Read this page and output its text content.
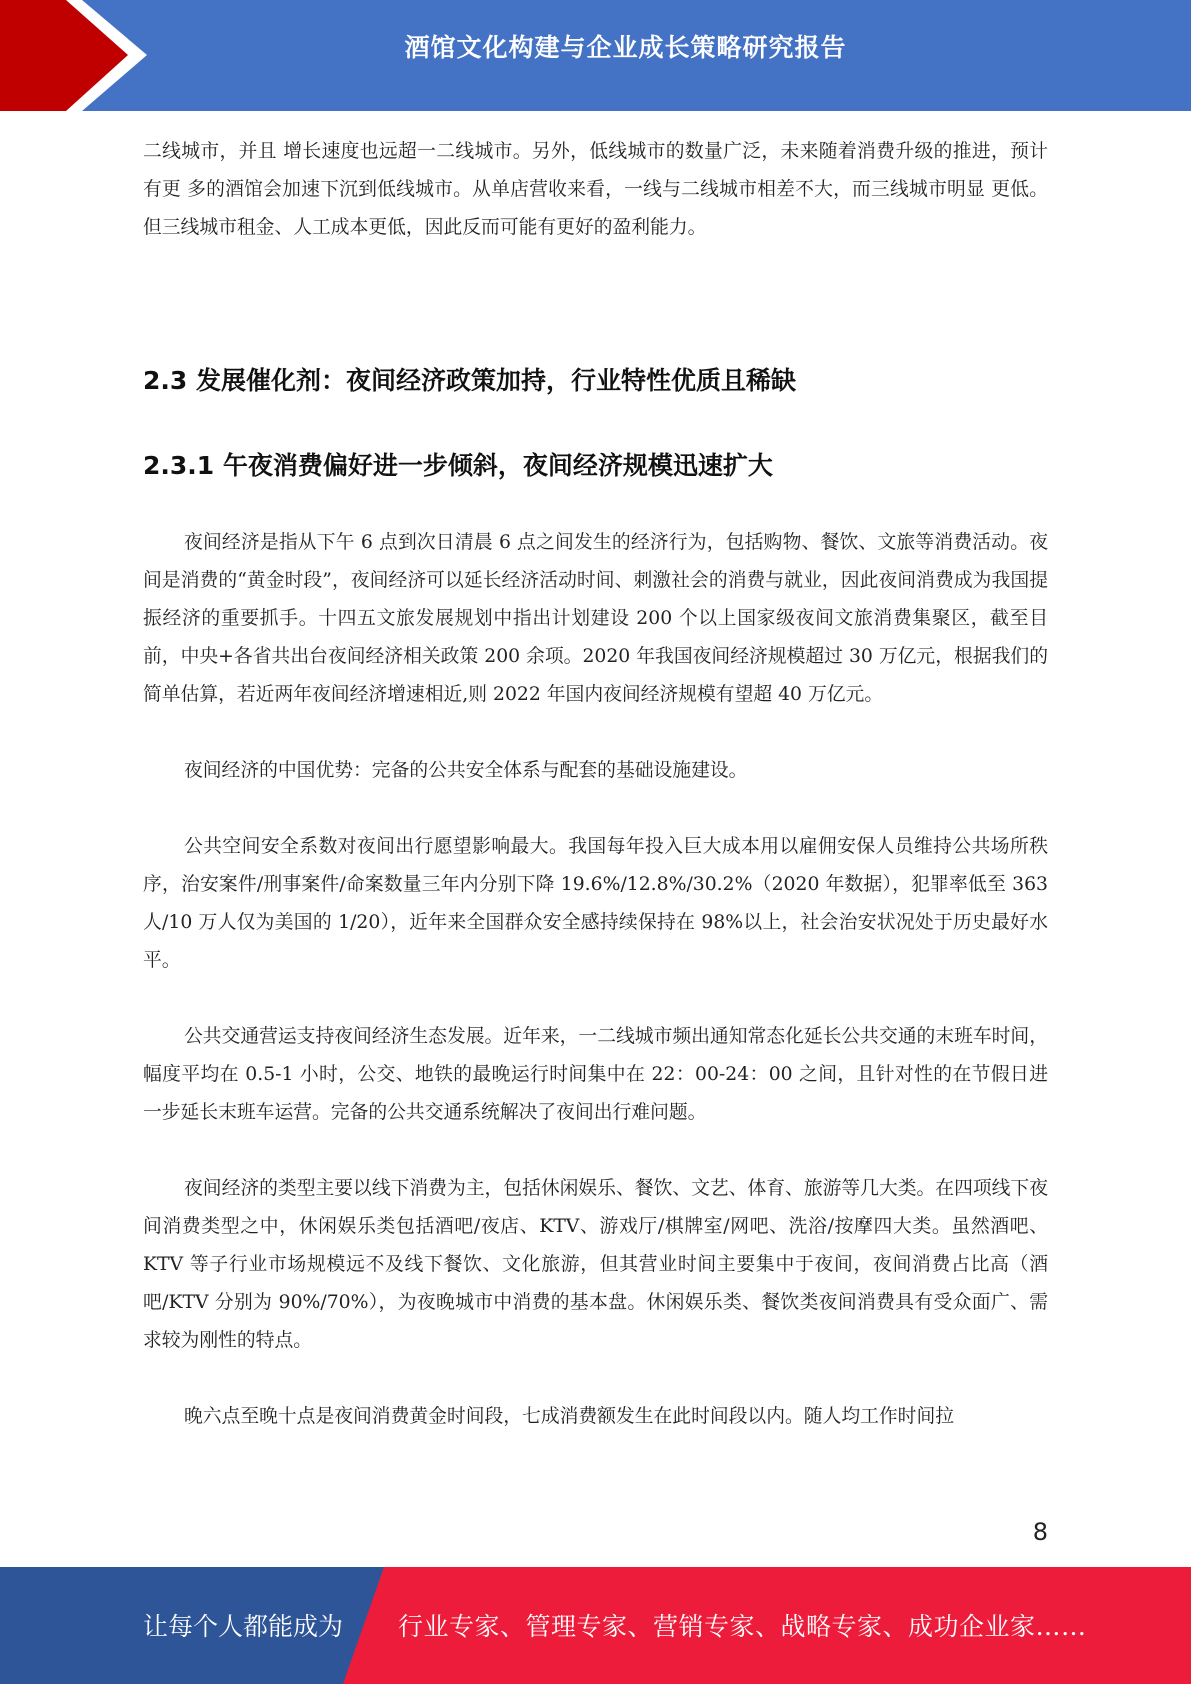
酒馆文化构建与企业成长策略研究报告

二线城市，并且 增长速度也远超一二线城市。另外，低线城市的数量广泛，未来随着消费升级的推进，预计有更 多的酒馆会加速下沉到低线城市。从单店营收来看，一线与二线城市相差不大，而三线城市明显 更低。但三线城市租金、人工成本更低，因此反而可能有更好的盈利能力。

2.3 发展催化剂：夜间经济政策加持，行业特性优质且稀缺
2.3.1 午夜消费偏好进一步倾斜，夜间经济规模迅速扩大

夜间经济是指从下午 6 点到次日清晨 6 点之间发生的经济行为，包括购物、餐饮、文旅等消费活动。夜间是消费的“黄金时段”，夜间经济可以延长经济活动时间、刺激社会的消费与就业，因此夜间消费成为我国提振经济的重要抓手。十四五文旅发展规划中指出计划建设 200 个以上国家级夜间文旅消费集聚区，截至目前，中央+各省共出台夜间经济相关政策 200 余项。2020 年我国夜间经济规模超过 30 万亿元，根据我们的简单估算，若近两年夜间经济增速相近,则 2022 年国内夜间经济规模有望超 40 万亿元。

夜间经济的中国优势：完备的公共安全体系与配套的基础设施建设。

公共空间安全系数对夜间出行愿望影响最大。我国每年投入巨大成本用以雇佣安保人员维持公共场所秩序，治安案件/刑事案件/命案数量三年内分别下降 19.6%/12.8%/30.2%（2020 年数据），犯罪率低至 363 人/10 万人仅为美国的 1/20），近年来全国群众安全感持续保持在 98%以上，社会治安状况处于历史最好水平。

公共交通营运支持夜间经济生态发展。近年来，一二线城市频出通知常态化延长公共交通的末班车时间，幅度平均在 0.5-1 小时，公交、地铁的最晚运行时间集中在 22：00-24：00 之间，且针对性的在节假日进一步延长末班车运营。完备的公共交通系统解决了夜间出行难问题。

夜间经济的类型主要以线下消费为主，包括休闲娱乐、餐饮、文艺、体育、旅游等几大类。在四项线下夜间消费类型之中，休闲娱乐类包括酒吧/夜店、KTV、游戏厅/棋牌室/网吧、洗浴/按摩四大类。虽然酒吧、KTV 等子行业市场规模远不及线下餐饮、文化旅游，但其营业时间主要集中于夜间，夜间消费占比高（酒吧/KTV 分别为 90%/70%），为夜晚城市中消费的基本盘。休闲娱乐类、餐饮类夜间消费具有受众面广、需求较为刚性的特点。

晚六点至晚十点是夜间消费黄金时间段，七成消费额发生在此时间段以内。随人均工作时间拉

8
让每个人都能成为 行业专家、管理专家、营销专家、战略专家、成功企业家……
